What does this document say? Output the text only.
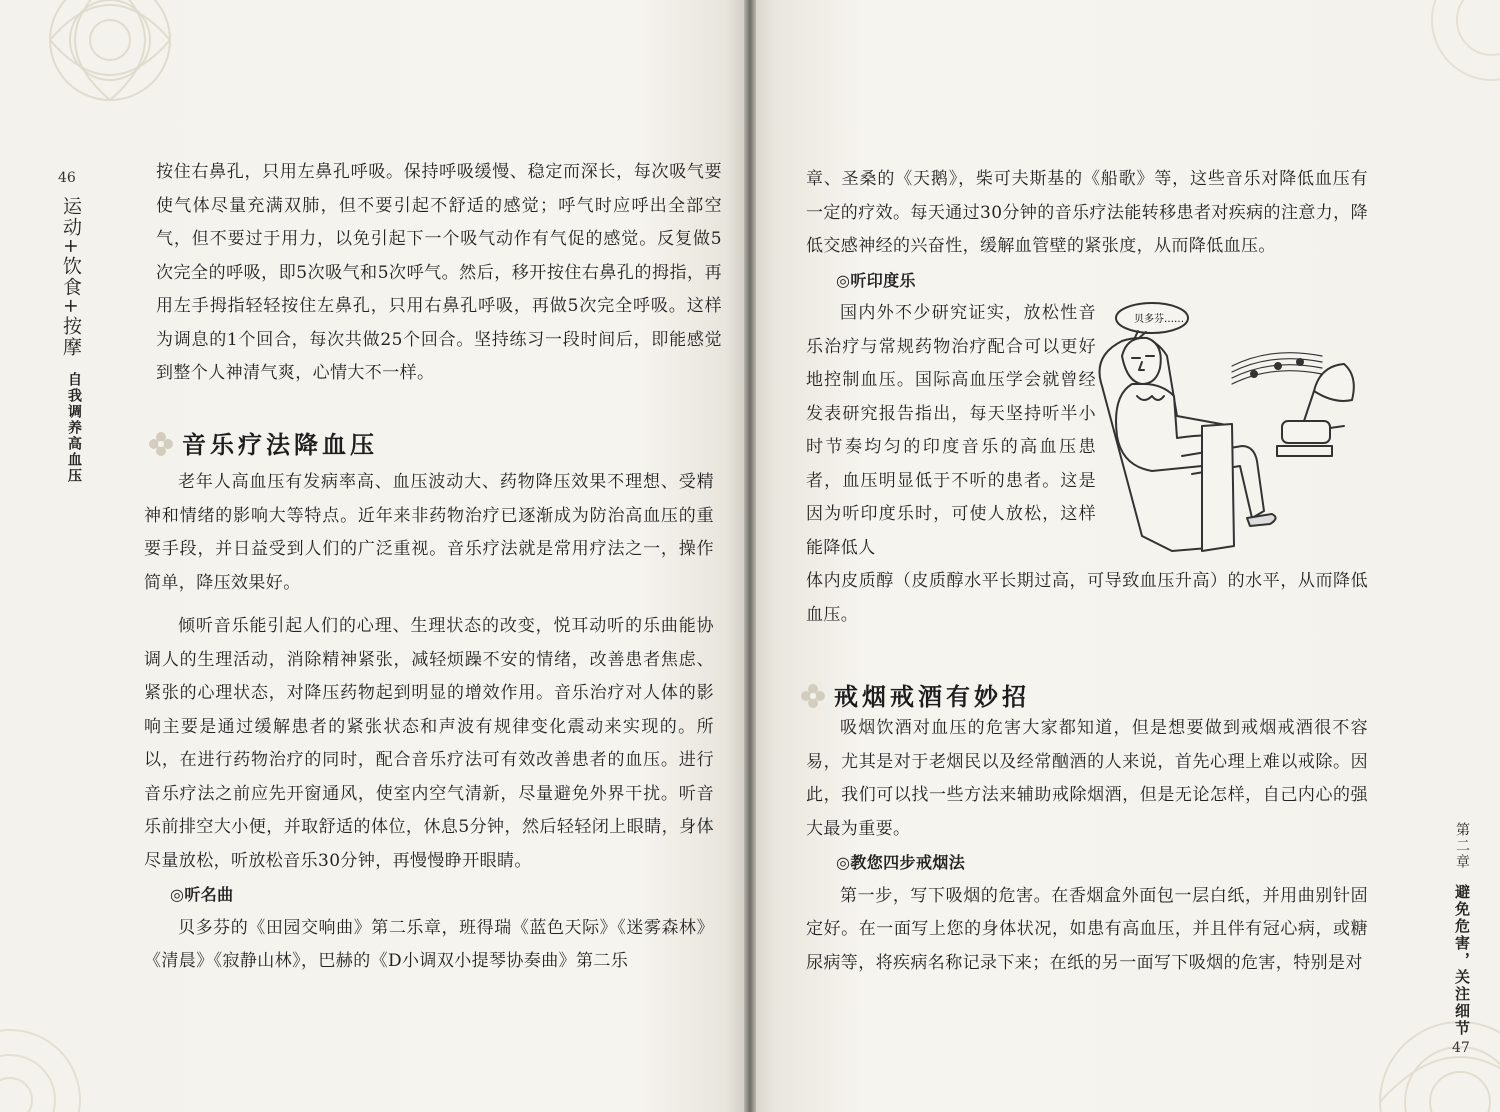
46
运动+饮食+按摩
自我调养高血压

按住右鼻孔，只用左鼻孔呼吸。保持呼吸缓慢、稳定而深长，每次吸气要使气体尽量充满双肺，但不要引起不舒适的感觉；呼气时应呼出全部空气，但不要过于用力，以免引起下一个吸气动作有气促的感觉。反复做5次完全的呼吸，即5次吸气和5次呼气。然后，移开按住右鼻孔的拇指，再用左手拇指轻轻按住左鼻孔，只用右鼻孔呼吸，再做5次完全呼吸。这样为调息的1个回合，每次共做25个回合。坚持练习一段时间后，即能感觉到整个人神清气爽，心情大不一样。

音乐疗法降血压

老年人高血压有发病率高、血压波动大、药物降压效果不理想、受精神和情绪的影响大等特点。近年来非药物治疗已逐渐成为防治高血压的重要手段，并日益受到人们的广泛重视。音乐疗法就是常用疗法之一，操作简单，降压效果好。

倾听音乐能引起人们的心理、生理状态的改变，悦耳动听的乐曲能协调人的生理活动，消除精神紧张，减轻烦躁不安的情绪，改善患者焦虑、紧张的心理状态，对降压药物起到明显的增效作用。音乐治疗对人体的影响主要是通过缓解患者的紧张状态和声波有规律变化震动来实现的。所以，在进行药物治疗的同时，配合音乐疗法可有效改善患者的血压。进行音乐疗法之前应先开窗通风，使室内空气清新，尽量避免外界干扰。听音乐前排空大小便，并取舒适的体位，休息5分钟，然后轻轻闭上眼睛，身体尽量放松，听放松音乐30分钟，再慢慢睁开眼睛。

◎听名曲

贝多芬的《田园交响曲》第二乐章，班得瑞《蓝色天际》《迷雾森林》《清晨》《寂静山林》，巴赫的《D小调双小提琴协奏曲》第二乐

章、圣桑的《天鹅》，柴可夫斯基的《船歌》等，这些音乐对降低血压有一定的疗效。每天通过30分钟的音乐疗法能转移患者对疾病的注意力，降低交感神经的兴奋性，缓解血管壁的紧张度，从而降低血压。

◎听印度乐

国内外不少研究证实，放松性音乐治疗与常规药物治疗配合可以更好地控制血压。国际高血压学会就曾经发表研究报告指出，每天坚持听半小时节奏均匀的印度音乐的高血压患者，血压明显低于不听的患者。这是因为听印度乐时，可使人放松，这样能降低人

体内皮质醇（皮质醇水平长期过高，可导致血压升高）的水平，从而降低血压。

贝多芬……
戒烟戒酒有妙招

吸烟饮酒对血压的危害大家都知道，但是想要做到戒烟戒酒很不容易，尤其是对于老烟民以及经常酗酒的人来说，首先心理上难以戒除。因此，我们可以找一些方法来辅助戒除烟酒，但是无论怎样，自己内心的强大最为重要。

◎教您四步戒烟法

第一步，写下吸烟的危害。在香烟盒外面包一层白纸，并用曲别针固定好。在一面写上您的身体状况，如患有高血压，并且伴有冠心病，或糖尿病等，将疾病名称记录下来；在纸的另一面写下吸烟的危害，特别是对

第二章
避免危害，关注细节
47
